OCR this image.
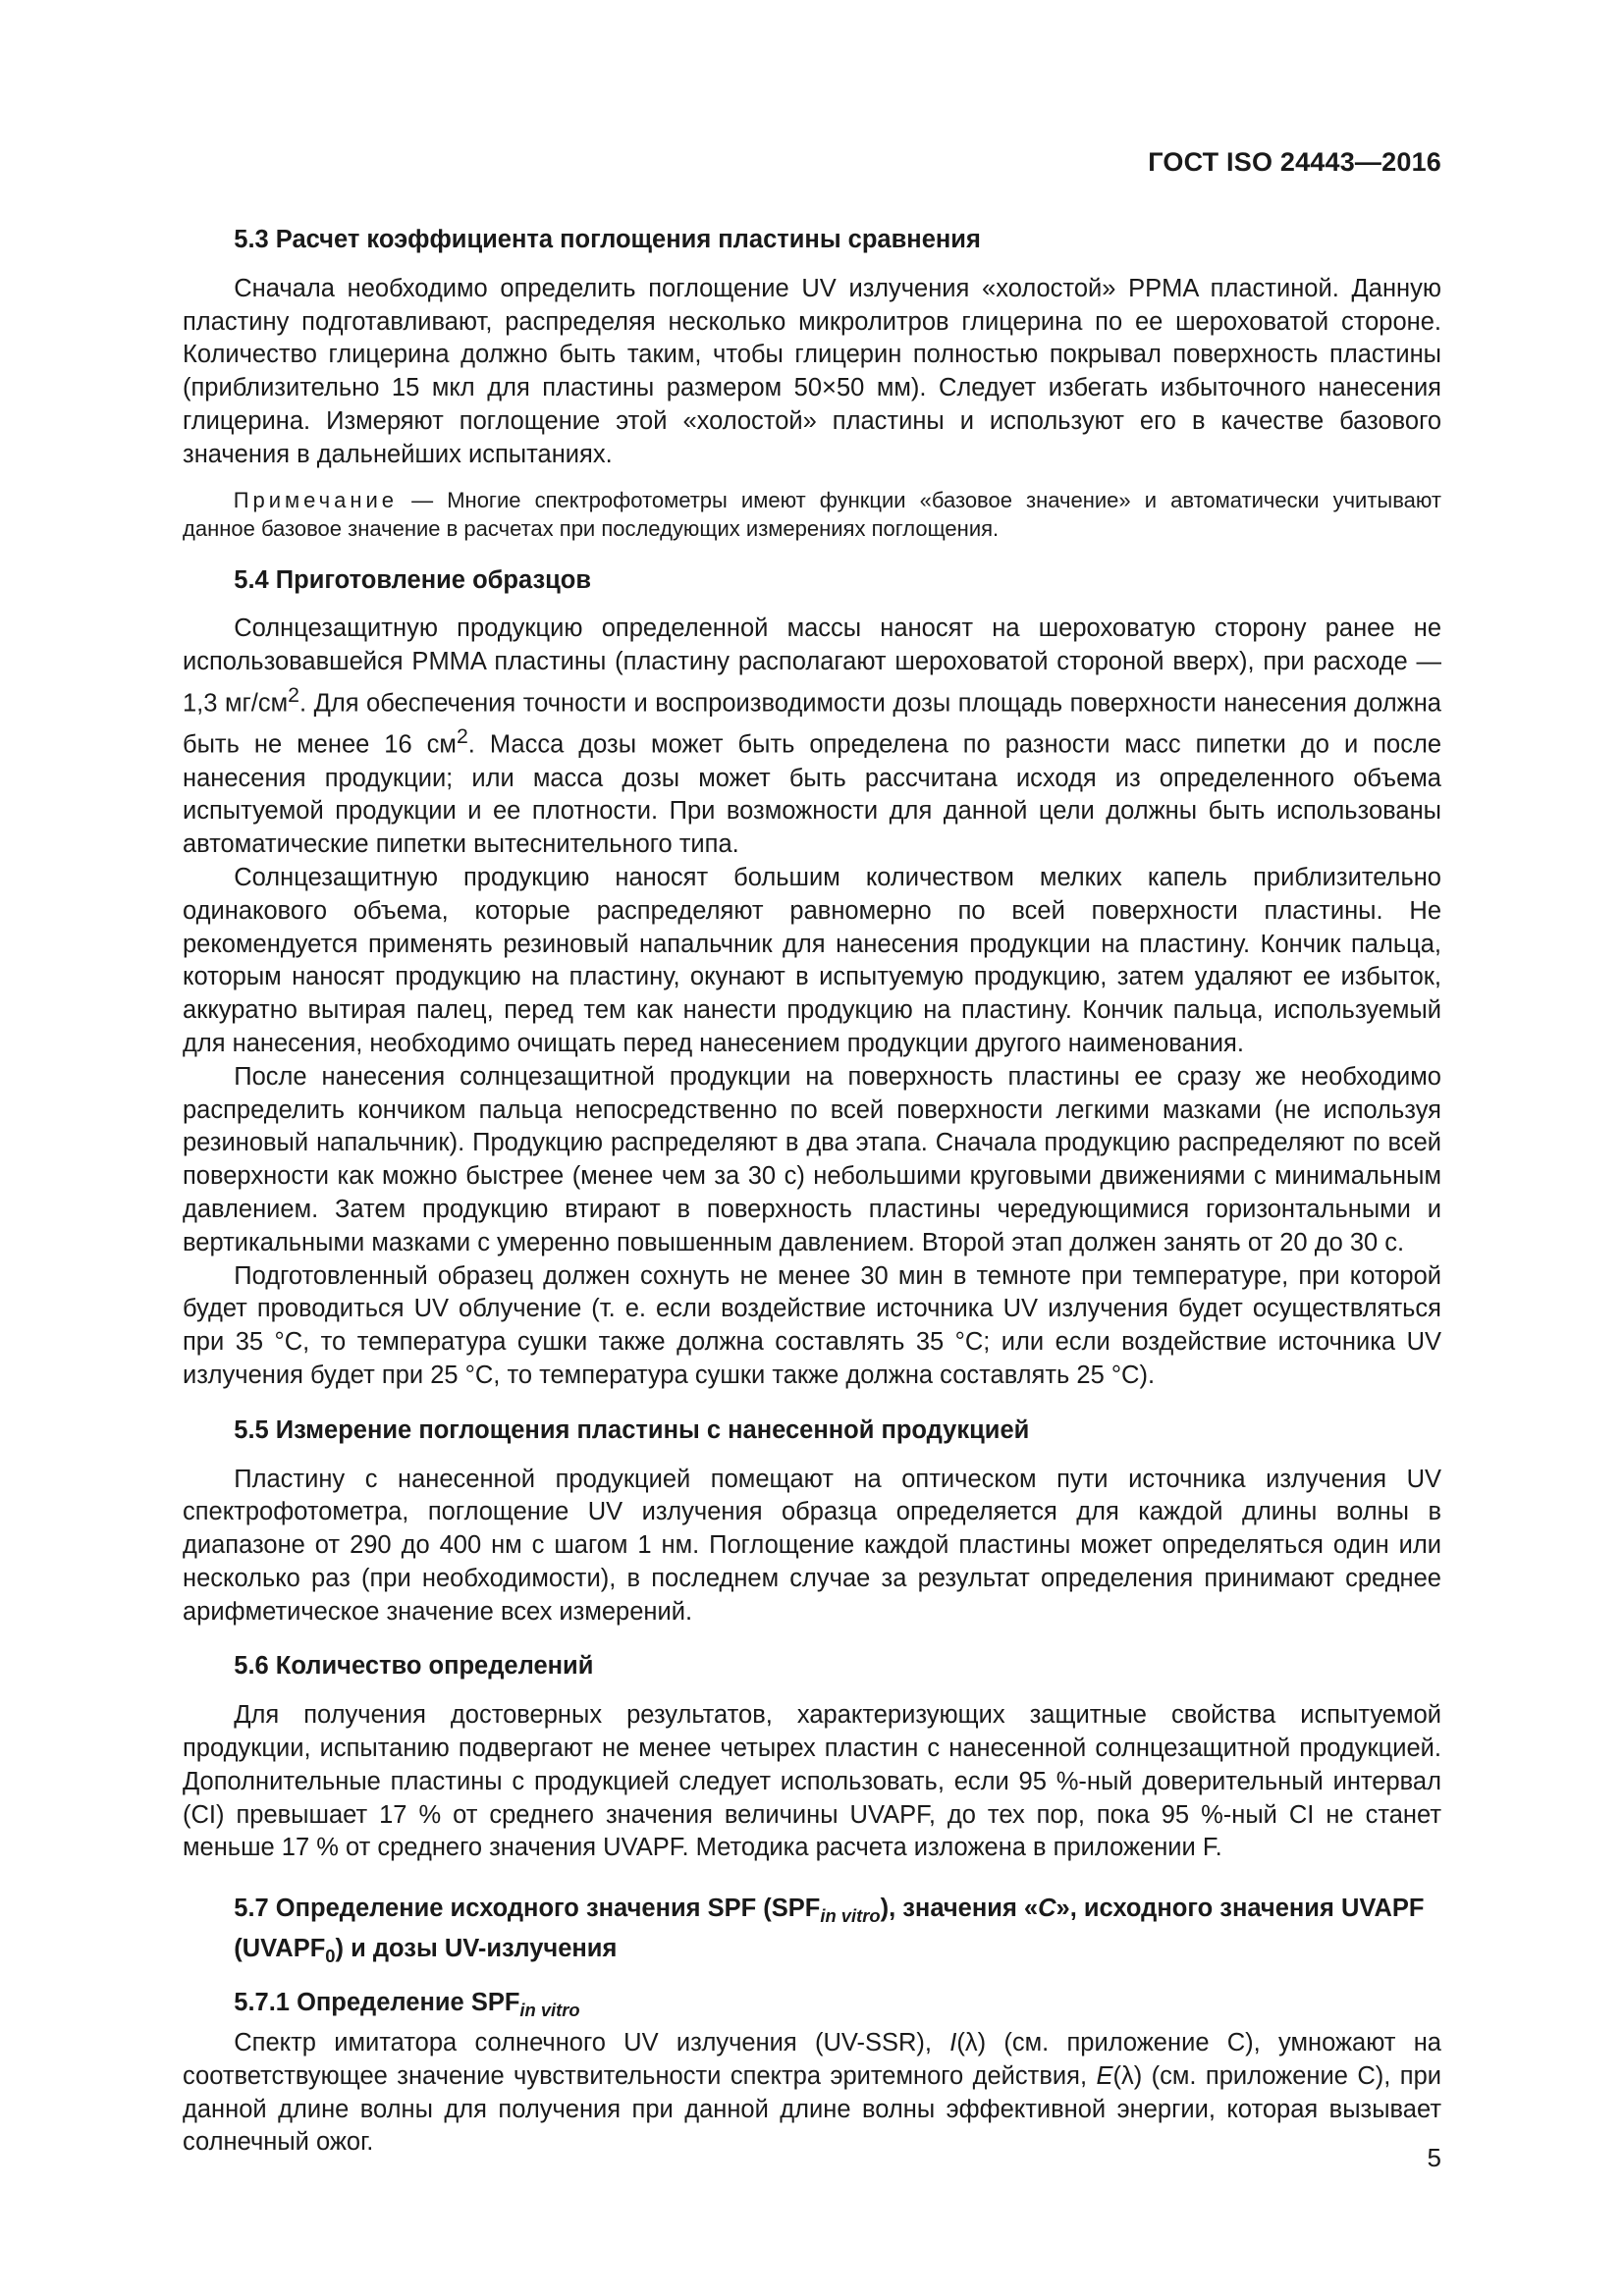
ГОСТ ISO 24443—2016
5.3 Расчет коэффициента поглощения пластины сравнения

Сначала необходимо определить поглощение UV излучения «холостой» PPMA пластиной. Данную пластину подготавливают, распределяя несколько микролитров глицерина по ее шероховатой стороне. Количество глицерина должно быть таким, чтобы глицерин полностью покрывал поверхность пластины (приблизительно 15 мкл для пластины размером 50×50 мм). Следует избегать избыточного нанесения глицерина. Измеряют поглощение этой «холостой» пластины и используют его в качестве базового значения в дальнейших испытаниях.

Примечание — Многие спектрофотометры имеют функции «базовое значение» и автоматически учитывают данное базовое значение в расчетах при последующих измерениях поглощения.

5.4 Приготовление образцов

Солнцезащитную продукцию определенной массы наносят на шероховатую сторону ранее не использовавшейся PMMA пластины (пластину располагают шероховатой стороной вверх), при расходе — 1,3 $мг/см^2$. Для обеспечения точности и воспроизводимости дозы площадь поверхности нанесения должна быть не менее 16 $см^2$. Масса дозы может быть определена по разности масс пипетки до и после нанесения продукции; или масса дозы может быть рассчитана исходя из определенного объема испытуемой продукции и ее плотности. При возможности для данной цели должны быть использованы автоматические пипетки вытеснительного типа.

Солнцезащитную продукцию наносят большим количеством мелких капель приблизительно одинакового объема, которые распределяют равномерно по всей поверхности пластины. Не рекомендуется применять резиновый напальчник для нанесения продукции на пластину. Кончик пальца, которым наносят продукцию на пластину, окунают в испытуемую продукцию, затем удаляют ее избыток, аккуратно вытирая палец, перед тем как нанести продукцию на пластину. Кончик пальца, используемый для нанесения, необходимо очищать перед нанесением продукции другого наименования.

После нанесения солнцезащитной продукции на поверхность пластины ее сразу же необходимо распределить кончиком пальца непосредственно по всей поверхности легкими мазками (не используя резиновый напальчник). Продукцию распределяют в два этапа. Сначала продукцию распределяют по всей поверхности как можно быстрее (менее чем за 30 с) небольшими круговыми движениями с минимальным давлением. Затем продукцию втирают в поверхность пластины чередующимися горизонтальными и вертикальными мазками с умеренно повышенным давлением. Второй этап должен занять от 20 до 30 с.

Подготовленный образец должен сохнуть не менее 30 мин в темноте при температуре, при которой будет проводиться UV облучение (т. е. если воздействие источника UV излучения будет осуществляться при 35 °С, то температура сушки также должна составлять 35 °С; или если воздействие источника UV излучения будет при 25 °С, то температура сушки также должна составлять 25 °С).

5.5 Измерение поглощения пластины с нанесенной продукцией

Пластину с нанесенной продукцией помещают на оптическом пути источника излучения UV спектрофотометра, поглощение UV излучения образца определяется для каждой длины волны в диапазоне от 290 до 400 нм с шагом 1 нм. Поглощение каждой пластины может определяться один или несколько раз (при необходимости), в последнем случае за результат определения принимают среднее арифметическое значение всех измерений.

5.6 Количество определений

Для получения достоверных результатов, характеризующих защитные свойства испытуемой продукции, испытанию подвергают не менее четырех пластин с нанесенной солнцезащитной продукцией. Дополнительные пластины с продукцией следует использовать, если 95 %-ный доверительный интервал (CI) превышает 17 % от среднего значения величины UVAPF, до тех пор, пока 95 %-ный CI не станет меньше 17 % от среднего значения UVAPF. Методика расчета изложена в приложении F.

5.7 Определение исходного значения SPF $(SPF_{in vitro})$, значения «C», исходного значения UVAPF $(UVAPF_0)$ и дозы UV-излучения
5.7.1 Определение $SPF_{in vitro}$

Спектр имитатора солнечного UV излучения (UV-SSR), I(λ) (см. приложение С), умножают на соответствующее значение чувствительности спектра эритемного действия, E(λ) (см. приложение С), при данной длине волны для получения при данной длине волны эффективной энергии, которая вызывает солнечный ожог.

5
